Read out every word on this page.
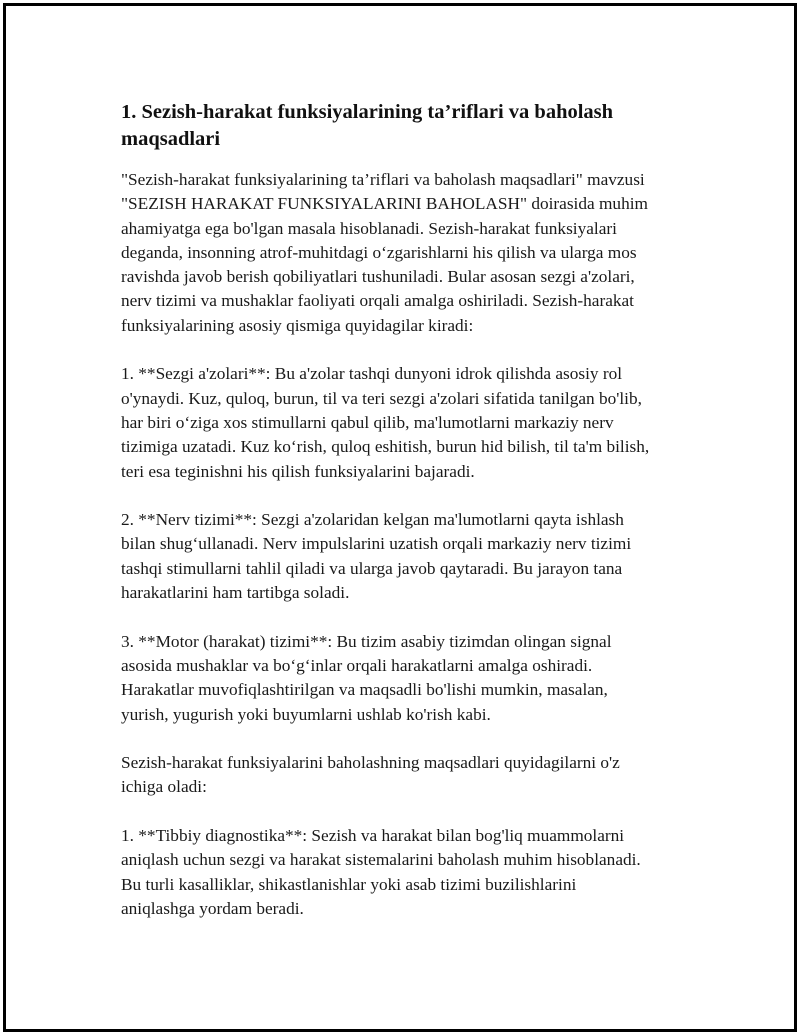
1. Sezish-harakat funksiyalarining ta’riflari va baholash
maqsadlari

"Sezish-harakat funksiyalarining ta’riflari va baholash maqsadlari" mavzusi
"SEZISH HARAKAT FUNKSIYALARINI BAHOLASH" doirasida muhim
ahamiyatga ega bo'lgan masala hisoblanadi. Sezish-harakat funksiyalari
deganda, insonning atrof-muhitdagi o‘zgarishlarni his qilish va ularga mos
ravishda javob berish qobiliyatlari tushuniladi. Bular asosan sezgi a'zolari,
nerv tizimi va mushaklar faoliyati orqali amalga oshiriladi. Sezish-harakat
funksiyalarining asosiy qismiga quyidagilar kiradi:

1. **Sezgi a'zolari**: Bu a'zolar tashqi dunyoni idrok qilishda asosiy rol
o'ynaydi. Kuz, quloq, burun, til va teri sezgi a'zolari sifatida tanilgan bo'lib,
har biri o‘ziga xos stimullarni qabul qilib, ma'lumotlarni markaziy nerv
tizimiga uzatadi. Kuz ko‘rish, quloq eshitish, burun hid bilish, til ta'm bilish,
teri esa teginishni his qilish funksiyalarini bajaradi.

2. **Nerv tizimi**: Sezgi a'zolaridan kelgan ma'lumotlarni qayta ishlash
bilan shug‘ullanadi. Nerv impulslarini uzatish orqali markaziy nerv tizimi
tashqi stimullarni tahlil qiladi va ularga javob qaytaradi. Bu jarayon tana
harakatlarini ham tartibga soladi.

3. **Motor (harakat) tizimi**: Bu tizim asabiy tizimdan olingan signal
asosida mushaklar va bo‘g‘inlar orqali harakatlarni amalga oshiradi.
Harakatlar muvofiqlashtirilgan va maqsadli bo'lishi mumkin, masalan,
yurish, yugurish yoki buyumlarni ushlab ko'rish kabi.

Sezish-harakat funksiyalarini baholashning maqsadlari quyidagilarni o'z
ichiga oladi:

1. **Tibbiy diagnostika**: Sezish va harakat bilan bog'liq muammolarni
aniqlash uchun sezgi va harakat sistemalarini baholash muhim hisoblanadi.
Bu turli kasalliklar, shikastlanishlar yoki asab tizimi buzilishlarini
aniqlashga yordam beradi.
